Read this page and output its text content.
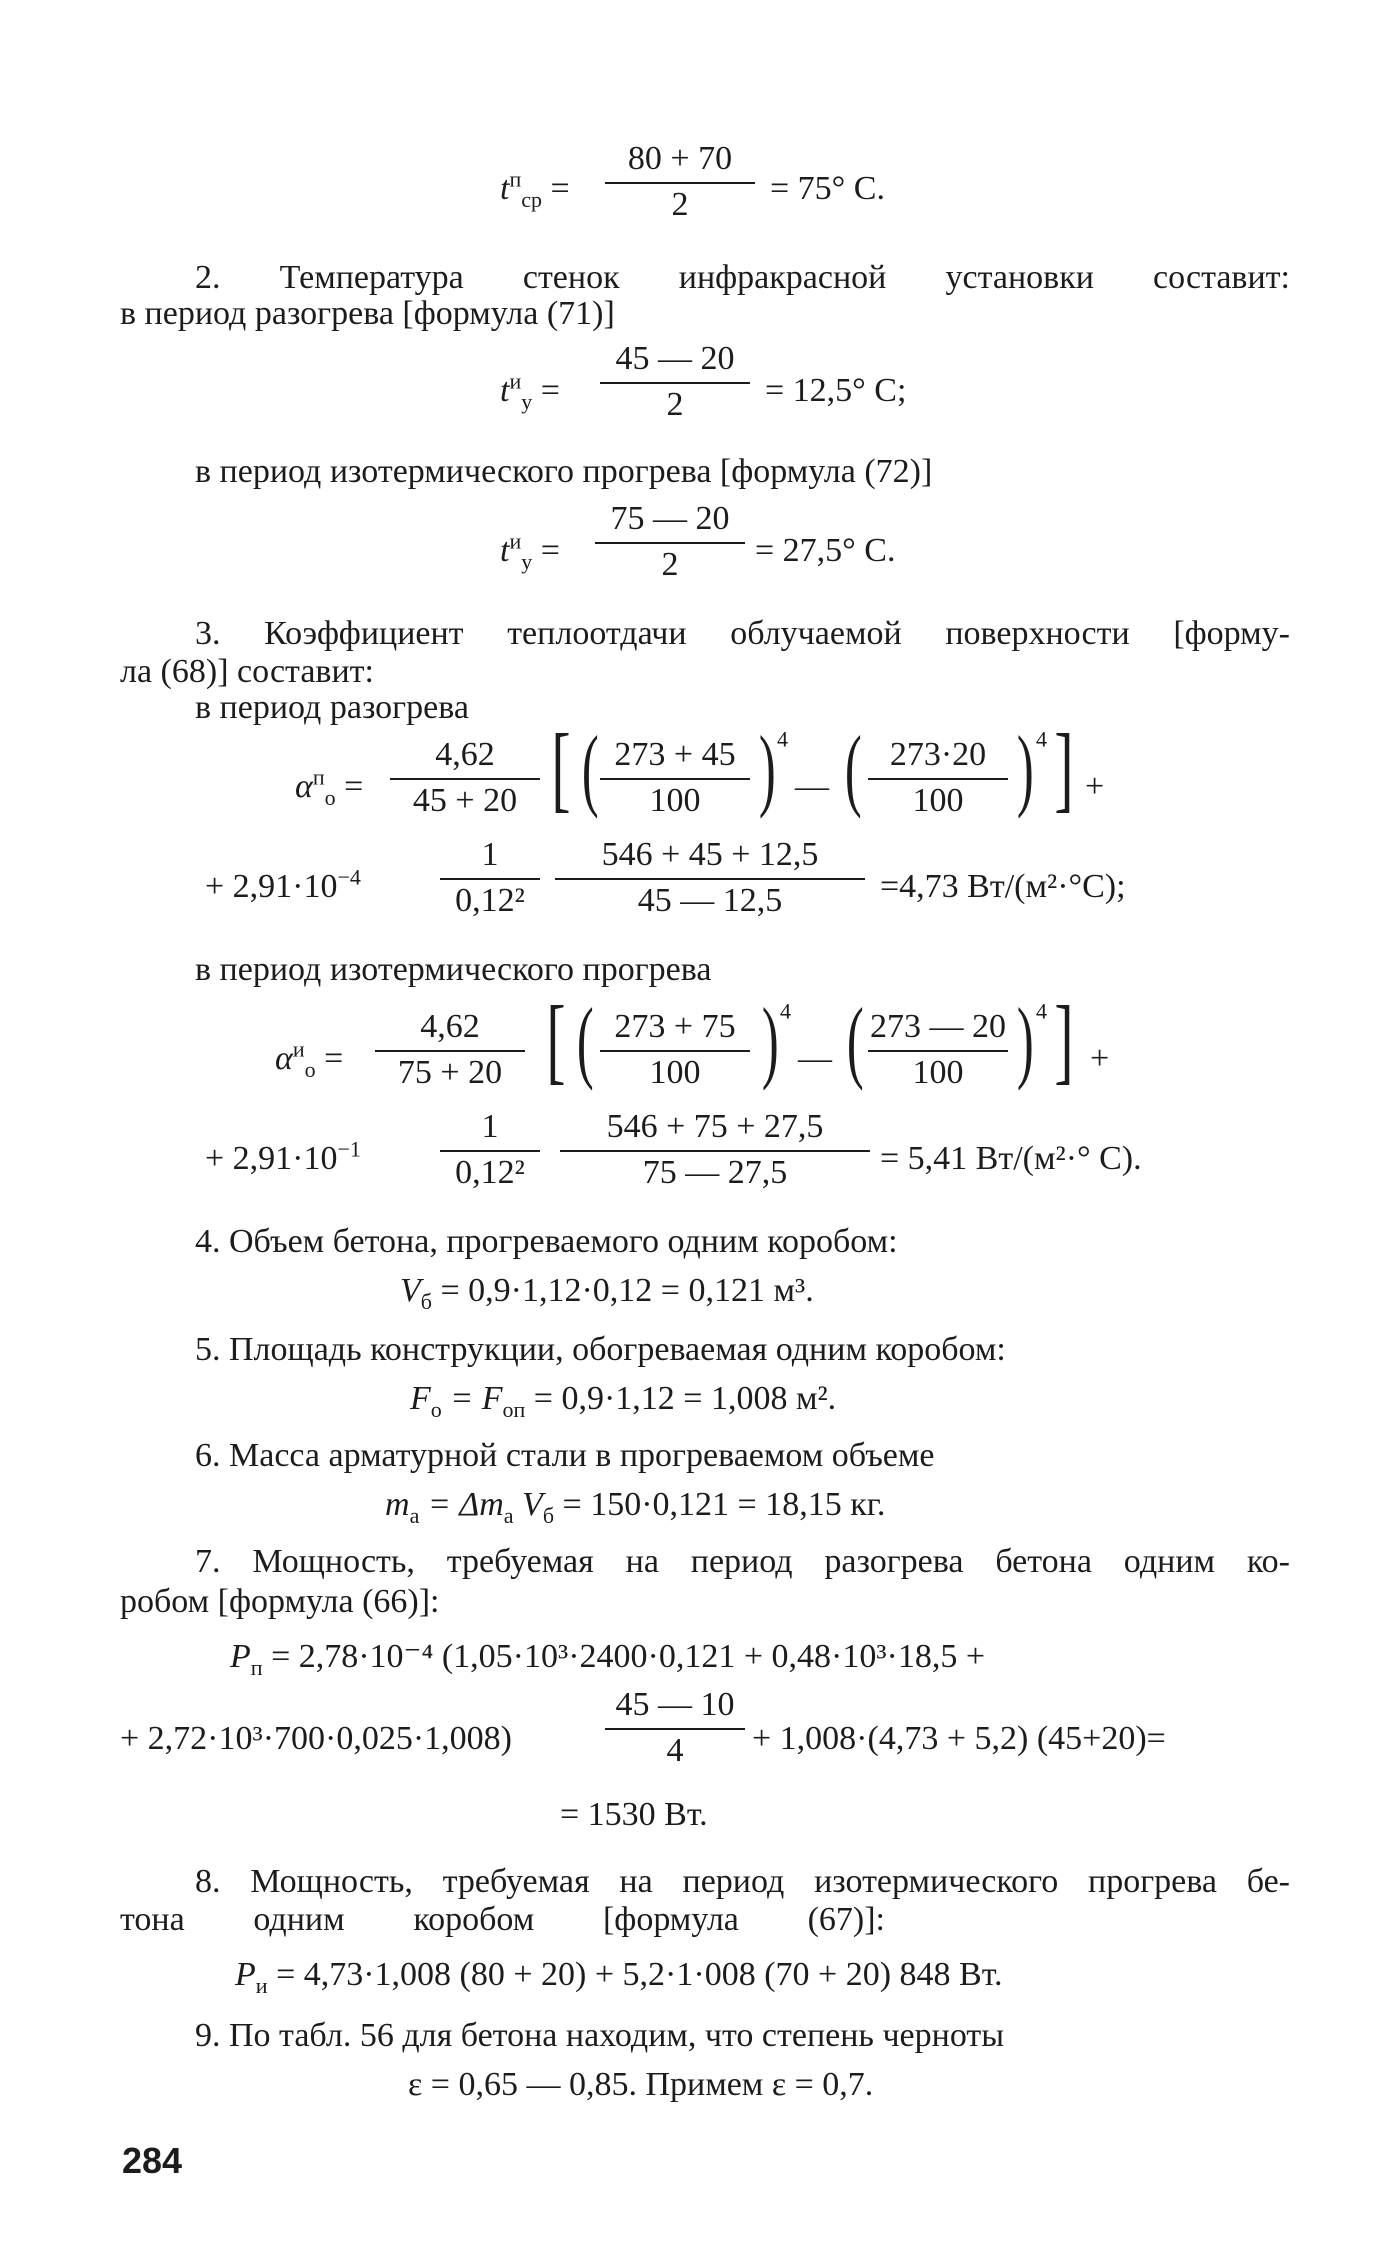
$t^п_{ср}$ =
80 + 70
2	= 75° С.
2. Температура стенок инфракрасной установки составит:
в период разогрева [формула (71)]
$t^и_у$ =
45 — 20
2	= 12,5° С;
в период изотермического прогрева [формула (72)]
$t^и_у$ =
75 — 20
2	= 27,5° С.
3. Коэффициент теплоотдачи облучаемой поверхности [форму-
ла (68)] составит:
в период разогрева
$\alpha^п_о$ =
4,62
45 + 20 [ ( 273 + 45
100 ) $^4$
— ( 273·20
100 ) $^4$ ] +
+ $2,91\cdot 10^{-4}$
1
0,12²
546 + 45 + 12,5
45 — 12,5	=4,73 Вт/(м²·°С);
в период изотермического прогрева
$\alpha^и_о$ =
4,62
75 + 20 [ ( 273 + 75
100 ) $^4$
— ( 273 — 20
100 ) $^4$ ] +
+ $2,91\cdot 10^{-1}$
1
0,12²
546 + 75 + 27,5
75 — 27,5	= 5,41 Вт/(м²·° С).
4. Объем бетона, прогреваемого одним коробом:
$V_б = 0,9\cdot 1,12\cdot 0,12 = 0,121$ м³.
5. Площадь конструкции, обогреваемая одним коробом:
$F_о = F_{оп} = 0,9\cdot 1,12 = 1,008$ м².
6. Масса арматурной стали в прогреваемом объеме
$m_а = \Delta m_а$ $V_б = 150\cdot 0,121 = 18,15$ кг.
7. Мощность, требуемая на период разогрева бетона одним ко-
робом [формула (66)]:
$P_п = 2,78\cdot 10^{-4}$ (1,05·10³·2400·0,121 + 0,48·10³·18,5 +
+ 2,72·10³·700·0,025·1,008)
45 — 10
4	+ 1,008·(4,73 + 5,2) (45+20)=
= 1530 Вт.
8. Мощность, требуемая на период изотермического прогрева бе-
тона одним коробом [формула (67)]:
$P_и = 4,73\cdot 1,008$ (80 + 20) + 5,2·1·008 (70 + 20) 848 Вт.
9. По табл. 56 для бетона находим, что степень черноты
ε = 0,65 — 0,85. Примем ε = 0,7.
284
